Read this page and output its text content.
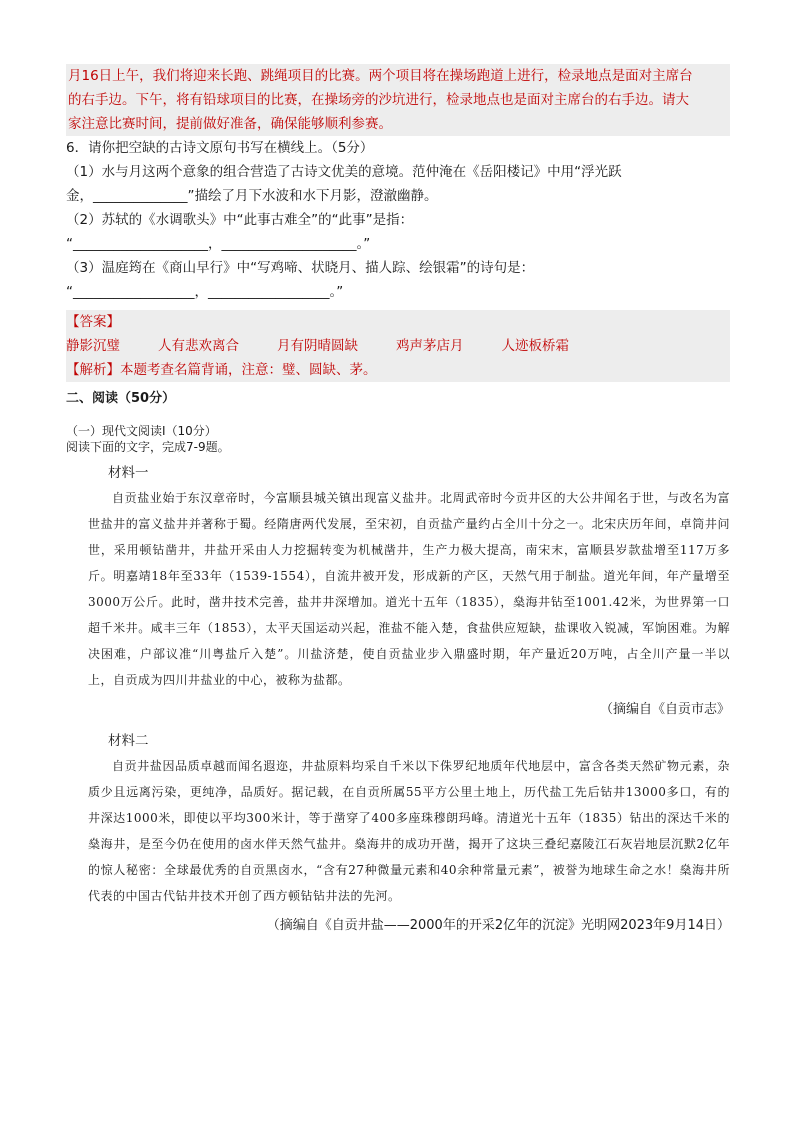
月16日上午，我们将迎来长跑、跳绳项目的比赛。两个项目将在操场跑道上进行，检录地点是面对主席台

的右手边。下午，将有铅球项目的比赛，在操场旁的沙坑进行，检录地点也是面对主席台的右手边。请大

家注意比赛时间，提前做好准备，确保能够顺利参赛。

6．请你把空缺的古诗文原句书写在横线上。（5分）

（1）水与月这两个意象的组合营造了古诗文优美的意境。范仲淹在《岳阳楼记》中用“浮光跃

金，______________”描绘了月下水波和水下月影，澄澈幽静。

（2）苏轼的《水调歌头》中“此事古难全”的“此事”是指：

“____________________，____________________。”

（3）温庭筠在《商山早行》中“写鸡啼、状晓月、描人踪、绘银霜”的诗句是：

“__________________，__________________。”

【答案】

静影沉璧	人有悲欢离合	月有阴晴圆缺	鸡声茅店月	人迹板桥霜

【解析】本题考查名篇背诵，注意：璧、圆缺、茅。

二、阅读（50分）

（一）现代文阅读Ⅰ（10分）

阅读下面的文字，完成7-9题。

材料一

自贡盐业始于东汉章帝时，今富顺县城关镇出现富义盐井。北周武帝时今贡井区的大公井闻名于世，与改名为富世盐井的富义盐井并著称于蜀。经隋唐两代发展，至宋初，自贡盐产量约占全川十分之一。北宋庆历年间，卓筒井问世，采用顿钻凿井，井盐开采由人力挖掘转变为机械凿井，生产力极大提高，南宋末，富顺县岁款盐增至117万多斤。明嘉靖18年至33年（1539-1554），自流井被开发，形成新的产区，天然气用于制盐。道光年间，年产量增至3000万公斤。此时，凿井技术完善，盐井井深增加。道光十五年（1835），燊海井钻至1001.42米，为世界第一口超千米井。咸丰三年（1853），太平天国运动兴起，淮盐不能入楚，食盐供应短缺，盐课收入锐减，军饷困难。为解决困难，户部议准“川粤盐斤入楚”。川盐济楚，使自贡盐业步入鼎盛时期，年产量近20万吨，占全川产量一半以上，自贡成为四川井盐业的中心，被称为盐都。

（摘编自《自贡市志》

材料二

自贡井盐因品质卓越而闻名遐迩，井盐原料均采自千米以下侏罗纪地质年代地层中，富含各类天然矿物元素，杂质少且远离污染，更纯净，品质好。据记载，在自贡所属55平方公里土地上，历代盐工先后钻井13000多口，有的井深达1000米，即使以平均300米计，等于凿穿了400多座珠穆朗玛峰。清道光十五年（1835）钻出的深达千米的燊海井，是至今仍在使用的卤水伴天然气盐井。燊海井的成功开凿，揭开了这块三叠纪嘉陵江石灰岩地层沉默2亿年的惊人秘密：全球最优秀的自贡黑卤水，“含有27种微量元素和40余种常量元素”，被誉为地球生命之水！燊海井所代表的中国古代钻井技术开创了西方顿钻钻井法的先河。

（摘编自《自贡井盐——2000年的开采2亿年的沉淀》光明网2023年9月14日）
